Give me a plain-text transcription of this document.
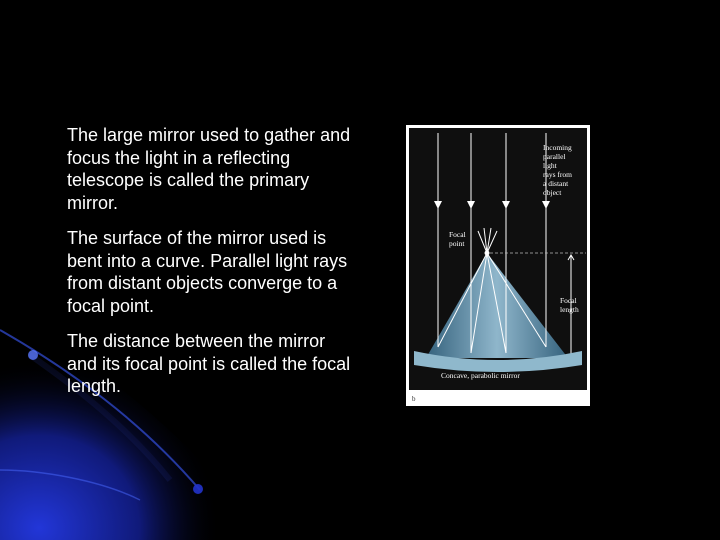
The large mirror used to gather and focus the light in a reflecting telescope is called the primary mirror.

The surface of the mirror used is bent into a curve. Parallel light rays from distant objects converge to a focal point.

The distance between the mirror and its focal point is called the focal length.

Incoming
parallel
light
rays from
a distant
object
Focal
point
Focal
length
Concave, parabolic mirror
b
